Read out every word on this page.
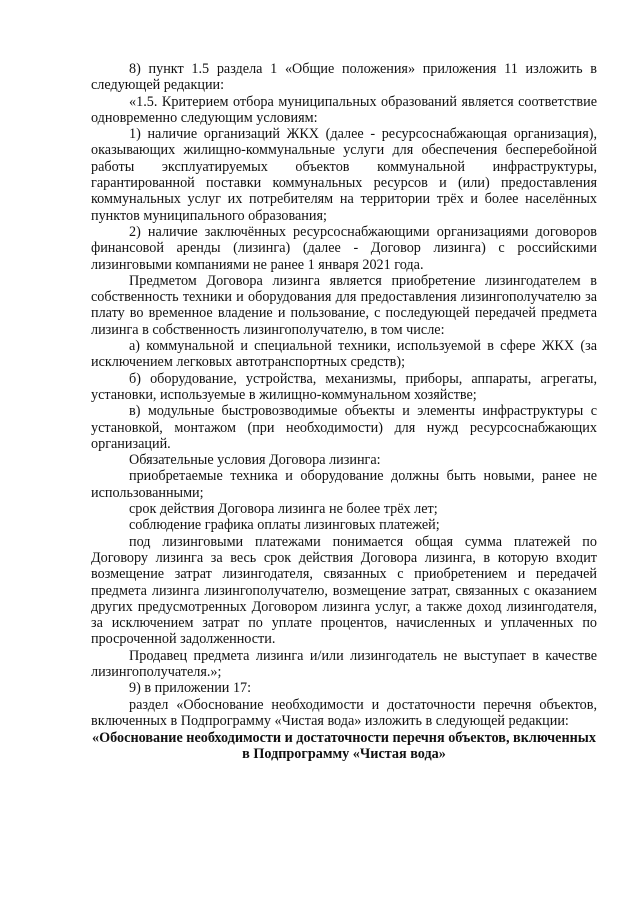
8) пункт 1.5 раздела 1 «Общие положения» приложения 11 изложить в следующей редакции:

«1.5. Критерием отбора муниципальных образований является соответствие одновременно следующим условиям:

1) наличие организаций ЖКХ (далее - ресурсоснабжающая организация), оказывающих жилищно-коммунальные услуги для обеспечения бесперебойной работы эксплуатируемых объектов коммунальной инфраструктуры, гарантированной поставки коммунальных ресурсов и (или) предоставления коммунальных услуг их потребителям на территории трёх и более населённых пунктов муниципального образования;

2) наличие заключённых ресурсоснабжающими организациями договоров финансовой аренды (лизинга) (далее - Договор лизинга) с российскими лизинговыми компаниями не ранее 1 января 2021 года.

Предметом Договора лизинга является приобретение лизингодателем в собственность техники и оборудования для предоставления лизингополучателю за плату во временное владение и пользование, с последующей передачей предмета лизинга в собственность лизингополучателю, в том числе:

а) коммунальной и специальной техники, используемой в сфере ЖКХ (за исключением легковых автотранспортных средств);

б) оборудование, устройства, механизмы, приборы, аппараты, агрегаты, установки, используемые в жилищно-коммунальном хозяйстве;

в) модульные быстровозводимые объекты и элементы инфраструктуры с установкой, монтажом (при необходимости) для нужд ресурсоснабжающих организаций.

Обязательные условия Договора лизинга:

приобретаемые техника и оборудование должны быть новыми, ранее не использованными;

срок действия Договора лизинга не более трёх лет;

соблюдение графика оплаты лизинговых платежей;

под лизинговыми платежами понимается общая сумма платежей по Договору лизинга за весь срок действия Договора лизинга, в которую входит возмещение затрат лизингодателя, связанных с приобретением и передачей предмета лизинга лизингополучателю, возмещение затрат, связанных с оказанием других предусмотренных Договором лизинга услуг, а также доход лизингодателя, за исключением затрат по уплате процентов, начисленных и уплаченных по просроченной задолженности.

Продавец предмета лизинга и/или лизингодатель не выступает в качестве лизингополучателя.»;

9) в приложении 17:

раздел «Обоснование необходимости и достаточности перечня объектов, включенных в Подпрограмму «Чистая вода» изложить в следующей редакции:

«Обоснование необходимости и достаточности перечня объектов, включенных в Подпрограмму «Чистая вода»
